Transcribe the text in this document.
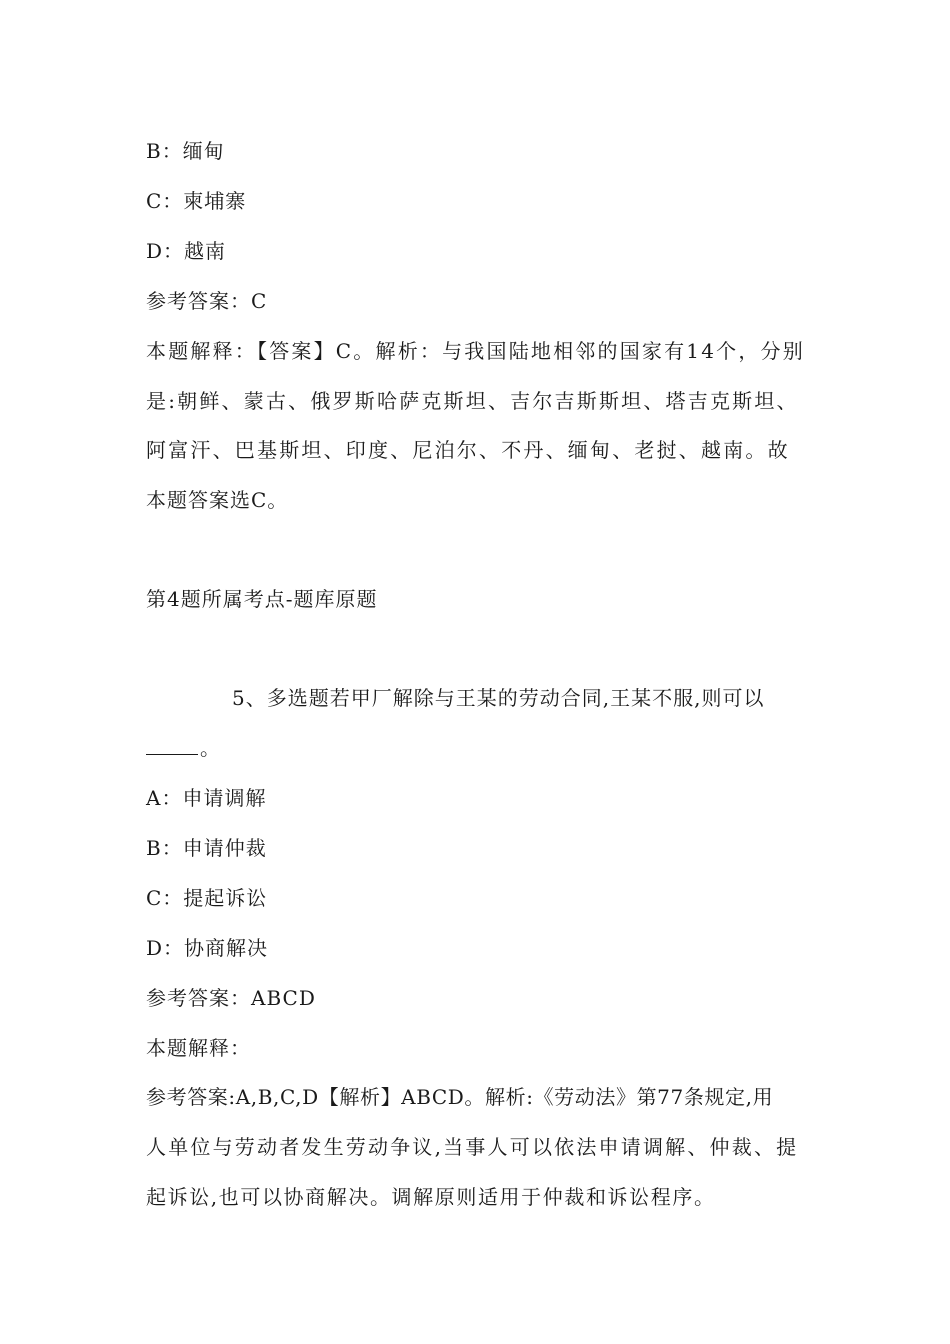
B：缅甸
C：柬埔寨
D：越南
参考答案：C
本题解释：【答案】C。解析：与我国陆地相邻的国家有14个，分别
是:朝鲜、蒙古、俄罗斯哈萨克斯坦、吉尔吉斯斯坦、塔吉克斯坦、
阿富汗、巴基斯坦、印度、尼泊尔、不丹、缅甸、老挝、越南。故
本题答案选C。
第4题所属考点-题库原题
5、多选题若甲厂解除与王某的劳动合同,王某不服,则可以
。
A：申请调解
B：申请仲裁
C：提起诉讼
D：协商解决
参考答案：ABCD
本题解释：
参考答案:A,B,C,D【解析】ABCD。解析:《劳动法》第77条规定,用
人单位与劳动者发生劳动争议,当事人可以依法申请调解、仲裁、提
起诉讼,也可以协商解决。调解原则适用于仲裁和诉讼程序。
